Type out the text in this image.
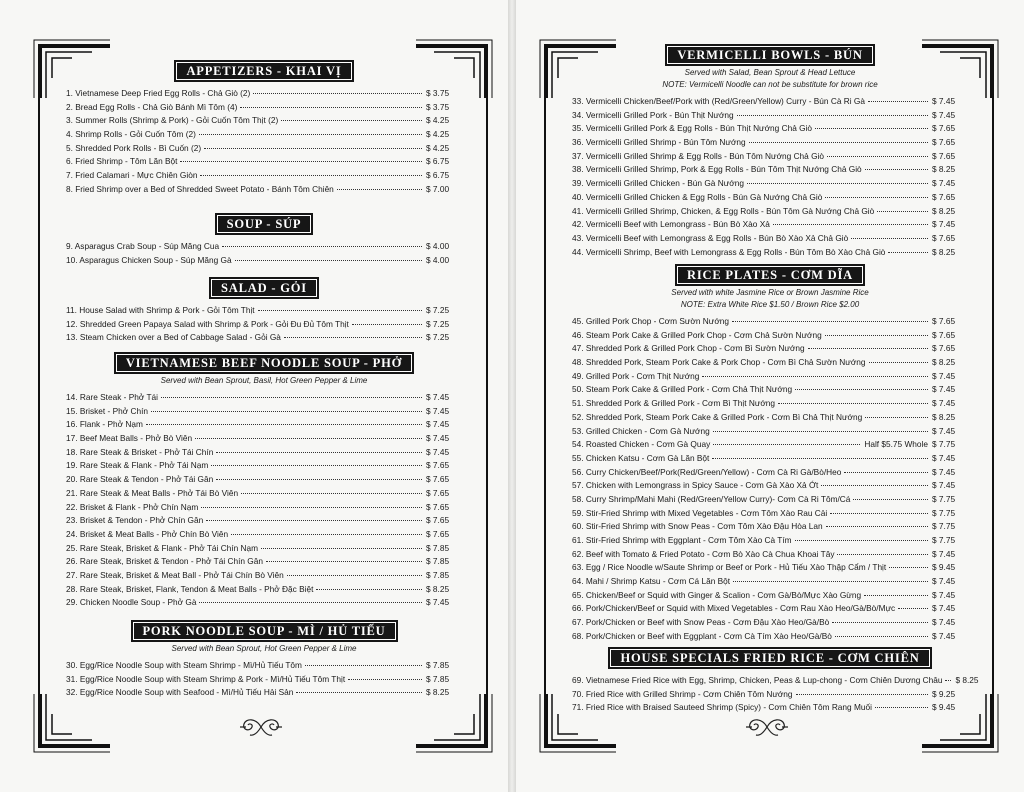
APPETIZERS - KHAI VỊ
1. Vietnamese Deep Fried Egg Rolls - Chả Giò (2)	$ 3.75
2. Bread Egg Rolls - Chả Giò Bánh Mì Tôm (4)	$ 3.75
3. Summer Rolls (Shrimp & Pork) - Gỏi Cuốn Tôm Thịt (2)	$ 4.25
4. Shrimp Rolls - Gỏi Cuốn Tôm (2)	$ 4.25
5. Shredded Pork Rolls - Bì Cuốn (2)	$ 4.25
6. Fried Shrimp - Tôm Lăn Bột	$ 6.75
7. Fried Calamari - Mực Chiên Giòn	$ 6.75
8. Fried Shrimp over a Bed of Shredded Sweet Potato - Bánh Tôm Chiên	$ 7.00
SOUP - SÚP
9. Asparagus Crab Soup - Súp Măng Cua	$ 4.00
10. Asparagus Chicken Soup - Súp Măng Gà	$ 4.00
SALAD - GỎI
11. House Salad with Shrimp & Pork - Gỏi Tôm Thịt	$ 7.25
12. Shredded Green Papaya Salad with Shrimp & Pork - Gỏi Đu Đủ Tôm Thịt	$ 7.25
13. Steam Chicken over a Bed of Cabbage Salad - Gỏi Gà	$ 7.25
VIETNAMESE BEEF NOODLE SOUP - PHỞ
Served with Bean Sprout, Basil, Hot Green Pepper & Lime
14. Rare Steak - Phở Tái	$ 7.45
15. Brisket - Phở Chín	$ 7.45
16. Flank - Phở Nạm	$ 7.45
17. Beef Meat Balls - Phở Bò Viên	$ 7.45
18. Rare Steak & Brisket - Phở Tái Chín	$ 7.45
19. Rare Steak & Flank - Phở Tái Nạm	$ 7.65
20. Rare Steak & Tendon - Phở Tái Gân	$ 7.65
21. Rare Steak & Meat Balls - Phở Tái Bò Viên	$ 7.65
22. Brisket & Flank - Phở Chín Nạm	$ 7.65
23. Brisket & Tendon - Phở Chín Gân	$ 7.65
24. Brisket & Meat Balls - Phở Chín Bò Viên	$ 7.65
25. Rare Steak, Brisket & Flank - Phở Tái Chín Nạm	$ 7.85
26. Rare Steak, Brisket & Tendon - Phở Tái Chín Gân	$ 7.85
27. Rare Steak, Brisket & Meat Ball - Phở Tái Chín Bò Viên	$ 7.85
28. Rare Steak, Brisket, Flank, Tendon & Meat Balls - Phở Đặc Biệt	$ 8.25
29. Chicken Noodle Soup - Phở Gà	$ 7.45
PORK NOODLE SOUP - MÌ / HỦ TIẾU
Served with Bean Sprout, Hot Green Pepper & Lime
30. Egg/Rice Noodle Soup with Steam Shrimp - Mì/Hủ Tiếu Tôm	$ 7.85
31. Egg/Rice Noodle Soup with Steam Shrimp & Pork - Mì/Hủ Tiếu Tôm Thịt	$ 7.85
32. Egg/Rice Noodle Soup with Seafood - Mì/Hủ Tiếu Hải Sản	$ 8.25
VERMICELLI BOWLS - BÚN
Served with Salad, Bean Sprout & Head Lettuce
NOTE: Vermicelli Noodle can not be substitute for brown rice
33. Vermicelli Chicken/Beef/Pork with (Red/Green/Yellow) Curry - Bún Cà Ri Gà	$ 7.45
34. Vermicelli Grilled Pork - Bún Thịt Nướng	$ 7.45
35. Vermicelli Grilled Pork & Egg Rolls - Bún Thịt Nướng Chả Giò	$ 7.65
36. Vermicelli Grilled Shrimp - Bún Tôm Nướng	$ 7.65
37. Vermicelli Grilled Shrimp & Egg Rolls - Bún Tôm Nướng Chả Giò	$ 7.65
38. Vermicelli Grilled Shrimp, Pork & Egg Rolls - Bún Tôm Thịt Nướng Chả Giò	$ 8.25
39. Vermicelli Grilled Chicken - Bún Gà Nướng	$ 7.45
40. Vermicelli Grilled Chicken & Egg Rolls - Bún Gà Nướng Chả Giò	$ 7.65
41. Vermicelli Grilled Shrimp, Chicken, & Egg Rolls - Bún Tôm Gà Nướng Chả Giò	$ 8.25
42. Vermicelli Beef with Lemongrass - Bún Bò Xào Xả	$ 7.45
43. Vermicelli Beef with Lemongrass & Egg Rolls - Bún Bò Xào Xả Chả Giò	$ 7.65
44. Vermicelli Shrimp, Beef with Lemongrass & Egg Rolls - Bún Tôm Bò Xào Chả Giò	$ 8.25
RICE PLATES - CƠM DĨA
Served with white Jasmine Rice or Brown Jasmine Rice
NOTE: Extra White Rice $1.50 / Brown Rice $2.00
45. Grilled Pork Chop - Cơm Sườn Nướng	$ 7.65
46. Steam Pork Cake & Grilled Pork Chop - Cơm Chả Sườn Nướng	$ 7.65
47. Shredded Pork & Grilled Pork Chop - Cơm Bì Sườn Nướng	$ 7.65
48. Shredded Pork, Steam Pork Cake & Pork Chop - Cơm Bì Chả Sườn Nướng	$ 8.25
49. Grilled Pork - Cơm Thịt Nướng	$ 7.45
50. Steam Pork Cake & Grilled Pork - Cơm Chả Thịt Nướng	$ 7.45
51. Shredded Pork & Grilled Pork - Cơm Bì Thịt Nướng	$ 7.45
52. Shredded Pork, Steam Pork Cake & Grilled Pork - Cơm Bì Chả Thịt Nướng	$ 8.25
53. Grilled Chicken - Cơm Gà Nướng	$ 7.45
54. Roasted Chicken - Cơm Gà Quay	Half $5.75 Whole $ 7.75
55. Chicken Katsu - Cơm Gà Lăn Bột	$ 7.45
56. Curry Chicken/Beef/Pork(Red/Green/Yellow) - Cơm Cà Ri Gà/Bò/Heo	$ 7.45
57. Chicken with Lemongrass in Spicy Sauce - Cơm Gà Xào Xả Ớt	$ 7.45
58. Curry Shrimp/Mahi Mahi (Red/Green/Yellow Curry)- Cơm Cà Ri Tôm/Cá	$ 7.75
59. Stir-Fried Shrimp with Mixed Vegetables - Cơm Tôm Xào Rau Cải	$ 7.75
60. Stir-Fried Shrimp with Snow Peas - Cơm Tôm Xào Đậu Hòa Lan	$ 7.75
61. Stir-Fried Shrimp with Eggplant - Cơm Tôm Xào Cà Tím	$ 7.75
62. Beef with Tomato & Fried Potato - Cơm Bò Xào Cà Chua Khoai Tây	$ 7.45
63. Egg / Rice Noodle w/Saute Shrimp or Beef or Pork - Hủ Tiếu Xào Thập Cẩm / Thịt	$ 9.45
64. Mahi / Shrimp Katsu - Cơm Cá Lăn Bột	$ 7.45
65. Chicken/Beef or Squid with Ginger & Scalion - Cơm Gà/Bò/Mực Xào Gừng	$ 7.45
66. Pork/Chicken/Beef or Squid with Mixed Vegetables - Cơm Rau Xào Heo/Gà/Bò/Mực	$ 7.45
67. Pork/Chicken or Beef with Snow Peas - Cơm Đậu Xào Heo/Gà/Bò	$ 7.45
68. Pork/Chicken or Beef with Eggplant - Cơm Cà Tím Xào Heo/Gà/Bò	$ 7.45
HOUSE SPECIALS FRIED RICE - CƠM CHIÊN
69. Vietnamese Fried Rice with Egg, Shrimp, Chicken, Peas & Lup-chong - Cơm Chiên Dương Châu $ 8.25
70. Fried Rice with Grilled Shrimp - Cơm Chiên Tôm Nướng	$ 9.25
71. Fried Rice with Braised Sauteed Shrimp (Spicy) - Cơm Chiên Tôm Rang Muối	$ 9.45
